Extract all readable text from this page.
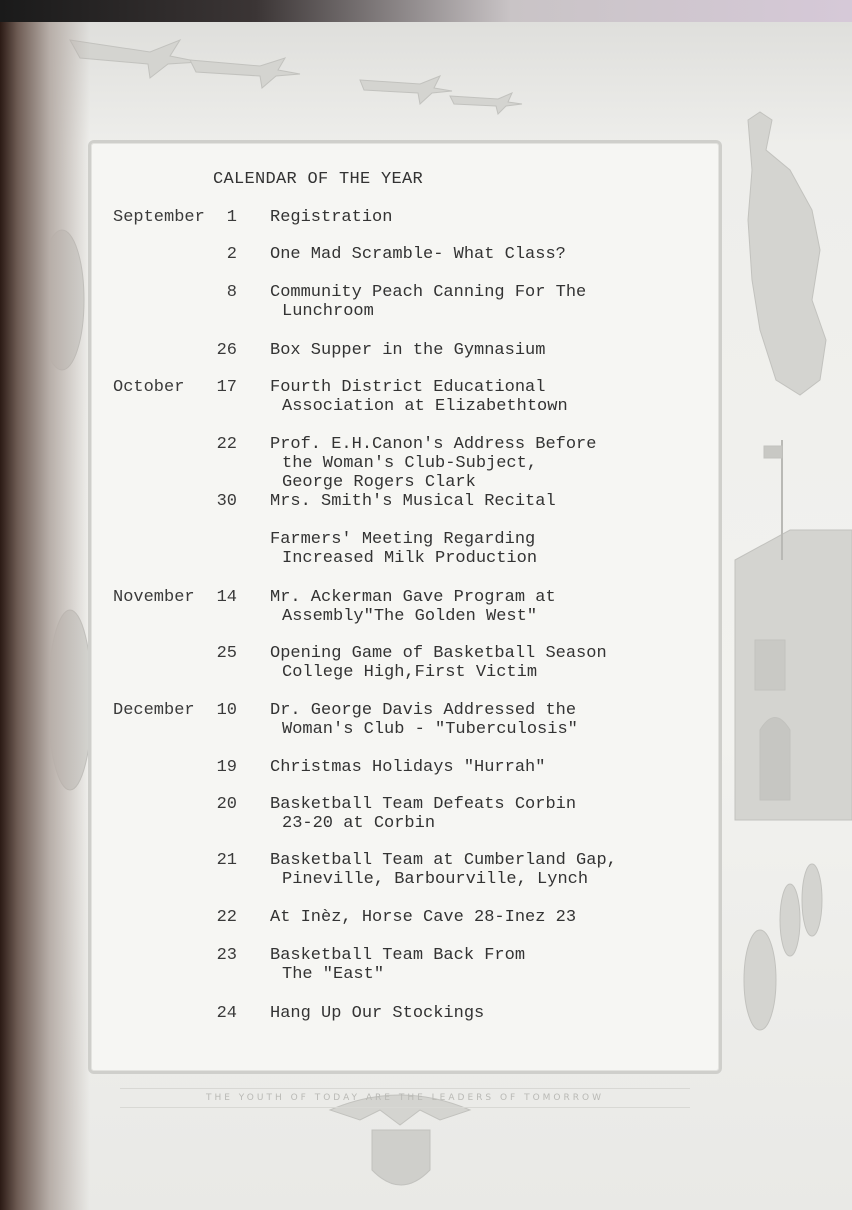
CALENDAR OF THE YEAR
September 1 Registration
2 One Mad Scramble- What Class?
8 Community Peach Canning For The
Lunchroom
26 Box Supper in the Gymnasium
October 17 Fourth District Educational
Association at Elizabethtown
22 Prof. E.H.Canon's Address Before
the Woman's Club-Subject,
George Rogers Clark
30 Mrs. Smith's Musical Recital
Farmers' Meeting Regarding
Increased Milk Production
November 14 Mr. Ackerman Gave Program at
Assembly"The Golden West"
25 Opening Game of Basketball Season
College High,First Victim
December 10 Dr. George Davis Addressed the
Woman's Club - "Tuberculosis"
19 Christmas Holidays "Hurrah"
20 Basketball Team Defeats Corbin
23-20 at Corbin
21 Basketball Team at Cumberland Gap,
Pineville, Barbourville, Lynch
22 At Inèz, Horse Cave 28-Inez 23
23 Basketball Team Back From
The "East"
24 Hang Up Our Stockings
THE YOUTH OF TODAY ARE THE LEADERS OF TOMORROW
